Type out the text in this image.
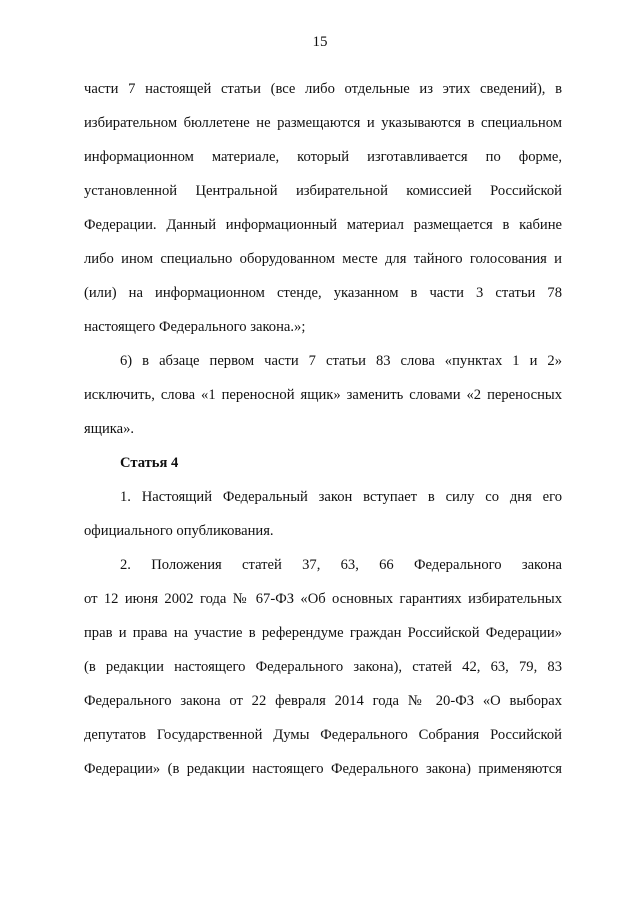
15
части 7 настоящей статьи (все либо отдельные из этих сведений), в
избирательном бюллетене не размещаются и указываются в специальном
информационном материале, который изготавливается по форме,
установленной Центральной избирательной комиссией Российской
Федерации. Данный информационный материал размещается в кабине
либо ином специально оборудованном месте для тайного голосования и
(или) на информационном стенде, указанном в части 3 статьи 78
настоящего Федерального закона.»;
6) в абзаце первом части 7 статьи 83 слова «пунктах 1 и 2»
исключить, слова «1 переносной ящик» заменить словами «2 переносных
ящика».
Статья 4
1. Настоящий Федеральный закон вступает в силу со дня его
официального опубликования.
2. Положения статей 37, 63, 66 Федерального закона
от 12 июня 2002 года № 67-ФЗ «Об основных гарантиях избирательных
прав и права на участие в референдуме граждан Российской Федерации»
(в редакции настоящего Федерального закона), статей 42, 63, 79, 83
Федерального закона от 22 февраля 2014 года № 20-ФЗ «О выборах
депутатов Государственной Думы Федерального Собрания Российской
Федерации» (в редакции настоящего Федерального закона) применяются
